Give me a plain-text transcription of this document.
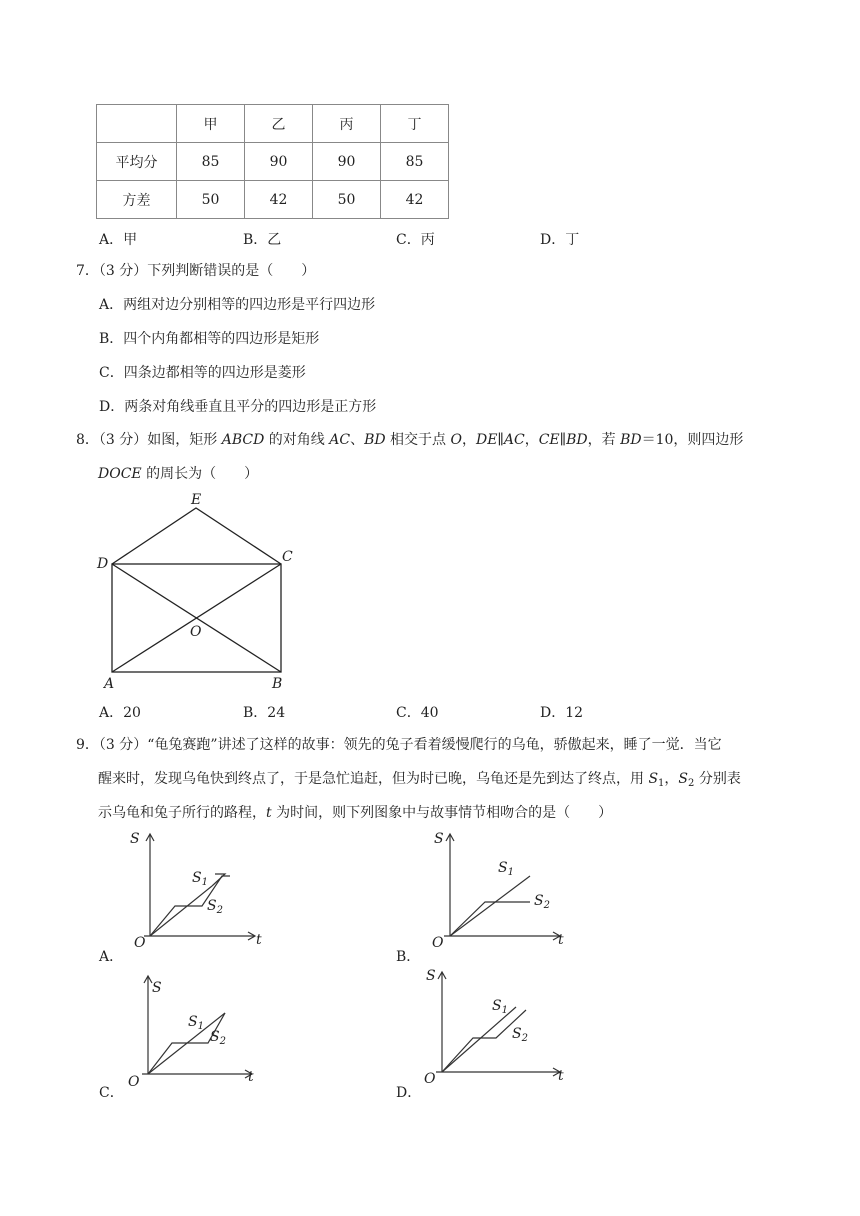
	甲	乙	丙	丁
平均分	85	90	90	85
方差	50	42	50	42
A．甲	B．乙	C．丙	D．丁
7．（3 分）下列判断错误的是（　　）
A．两组对边分别相等的四边形是平行四边形
B．四个内角都相等的四边形是矩形
C．四条边都相等的四边形是菱形
D．两条对角线垂直且平分的四边形是正方形
8．（3 分）如图，矩形 ABCD 的对角线 AC、BD 相交于点 O，DE∥AC，CE∥BD，若 BD＝10，则四边形
DOCE 的周长为（　　）
E
D	C
O
A	B
A．20	B．24	C．40	D．12
9．（3 分）“龟兔赛跑”讲述了这样的故事：领先的兔子看着缓慢爬行的乌龟，骄傲起来，睡了一觉．当它
醒来时，发现乌龟快到终点了，于是急忙追赶，但为时已晚，乌龟还是先到达了终点，用 $S_1$，$S_2$ 分别表
示乌龟和兔子所行的路程，t 为时间，则下列图象中与故事情节相吻合的是（　　）
S
O	t
$S_1$
$S_2$
A．
S
O	t
$S_1$
$S_2$
B．
S
O	t
$S_1$
$S_2$
C．
S
O	t
$S_1$
$S_2$
D．
